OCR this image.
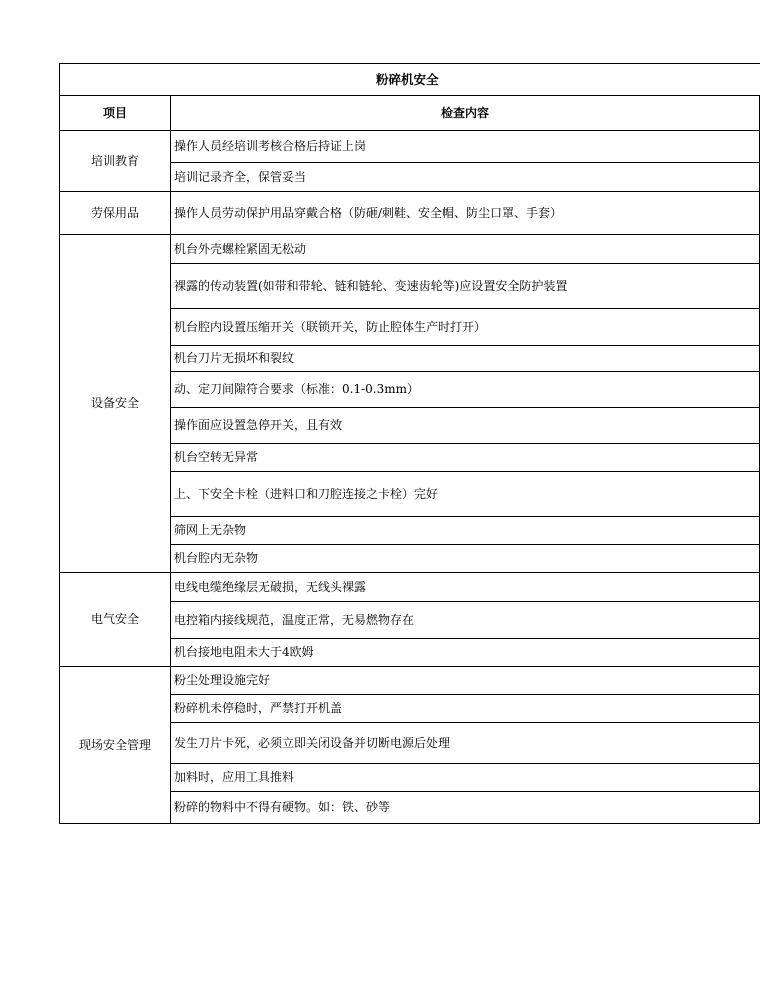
粉碎机安全	
项目	检查内容
培训教育	操作人员经培训考核合格后持证上岗
	培训记录齐全，保管妥当
劳保用品	操作人员劳动保护用品穿戴合格（防砸/刺鞋、安全帽、防尘口罩、手套）
设备安全	机台外壳螺栓紧固无松动
	裸露的传动装置(如带和带轮、链和链轮、变速齿轮等)应设置安全防护装置
	机台腔内设置压缩开关（联锁开关，防止腔体生产时打开）
	机台刀片无损坏和裂纹
	动、定刀间隙符合要求（标准：0.1-0.3mm）
	操作面应设置急停开关，且有效
	机台空转无异常
	上、下安全卡栓（进料口和刀腔连接之卡栓）完好
	筛网上无杂物
	机台腔内无杂物
电气安全	电线电缆绝缘层无破损，无线头裸露
	电控箱内接线规范，温度正常，无易燃物存在
	机台接地电阻未大于4欧姆
现场安全管理	粉尘处理设施完好
	粉碎机未停稳时，严禁打开机盖
	发生刀片卡死，必须立即关闭设备并切断电源后处理
	加料时，应用工具推料
	粉碎的物料中不得有硬物。如：铁、砂等
